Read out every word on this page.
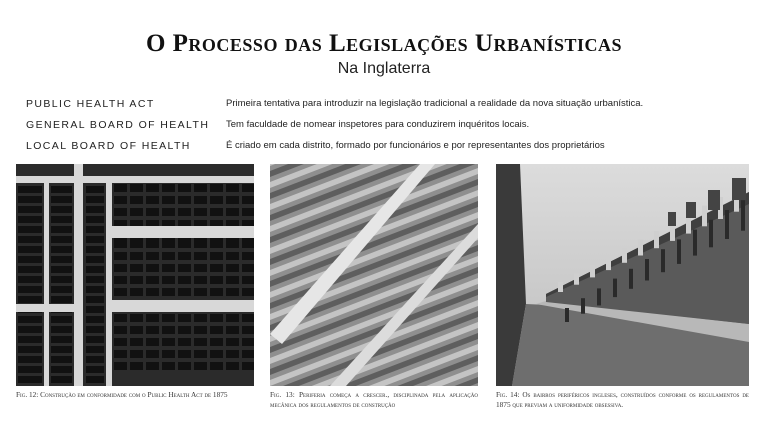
O Processo das Legislações Urbanísticas
Na Inglaterra
PUBLIC HEALTH ACT	Primeira tentativa para introduzir na legislação tradicional a realidade da nova situação urbanística.
GENERAL BOARD OF HEALTH	Tem faculdade de nomear inspetores para conduzirem inquéritos locais.
LOCAL BOARD OF HEALTH	É criado em cada distrito, formado por funcionários e por representantes dos proprietários
Fig. 12: Construção em conformidade com o Public Health Act de 1875	Fig. 13: Periferia começa a crescer., disciplinada pela aplicação mecânica dos regulamentos de construção
Fig. 14: Os bairros periféricos ingleses, construídos conforme os regulamentos de 1875 que previam a uniformidade obsessiva.
